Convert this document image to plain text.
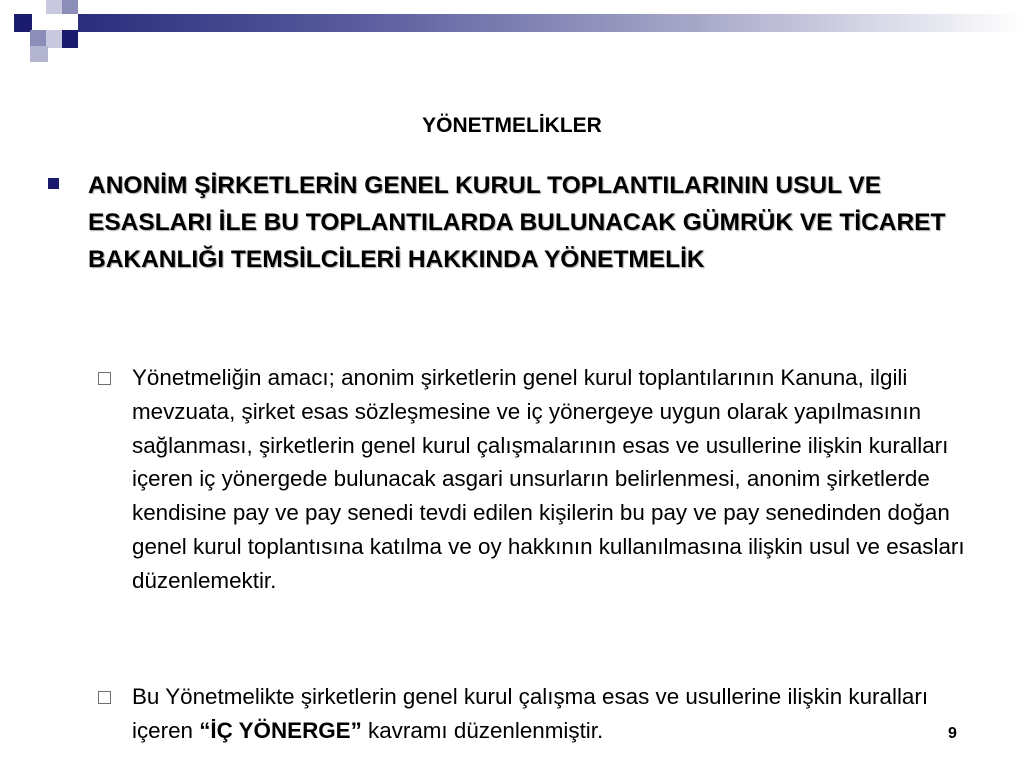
YÖNETMELİKLER

ANONİM ŞİRKETLERİN GENEL KURUL TOPLANTILARININ USUL VE ESASLARI İLE BU TOPLANTILARDA BULUNACAK GÜMRÜK VE TİCARET BAKANLIĞI TEMSİLCİLERİ HAKKINDA YÖNETMELİK

Yönetmeliğin amacı; anonim şirketlerin genel kurul toplantılarının Kanuna, ilgili mevzuata, şirket esas sözleşmesine ve iç yönergeye uygun olarak yapılmasının sağlanması, şirketlerin genel kurul çalışmalarının esas ve usullerine ilişkin kuralları içeren iç yönergede bulunacak asgari unsurların belirlenmesi, anonim şirketlerde kendisine pay ve pay senedi tevdi edilen kişilerin bu pay ve pay senedinden doğan genel kurul toplantısına katılma ve oy hakkının kullanılmasına ilişkin usul ve esasları düzenlemektir.

Bu Yönetmelikte şirketlerin genel kurul çalışma esas ve usullerine ilişkin kuralları içeren “İÇ YÖNERGE” kavramı düzenlenmiştir.	9
